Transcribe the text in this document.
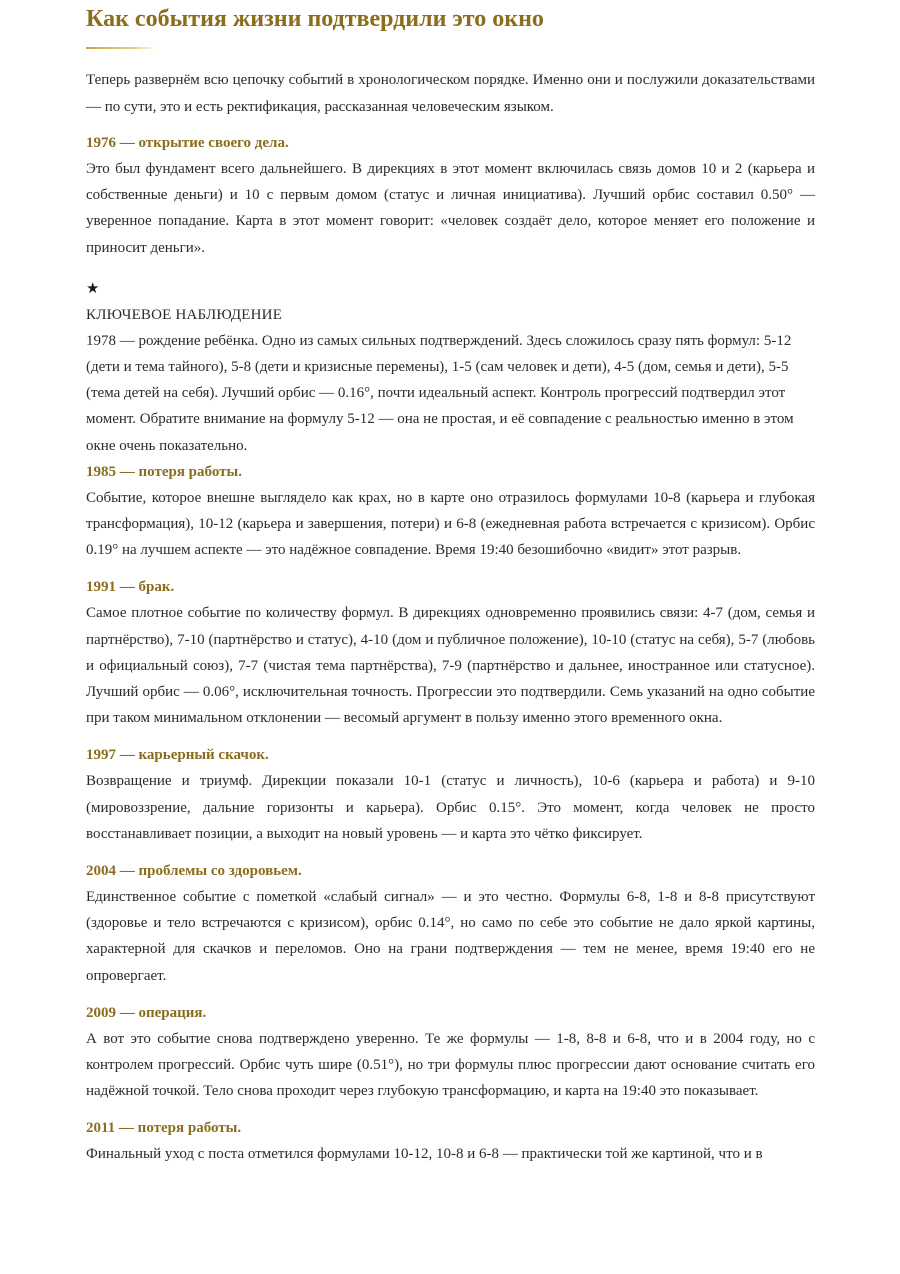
Как события жизни подтвердили это окно

Теперь развернём всю цепочку событий в хронологическом порядке. Именно они и послужили доказательствами — по сути, это и есть ректификация, рассказанная человеческим языком.

1976 — открытие своего дела.

Это был фундамент всего дальнейшего. В дирекциях в этот момент включилась связь домов 10 и 2 (карьера и собственные деньги) и 10 с первым домом (статус и личная инициатива). Лучший орбис составил 0.50° — уверенное попадание. Карта в этот момент говорит: «человек создаёт дело, которое меняет его положение и приносит деньги».

★
КЛЮЧЕВОЕ НАБЛЮДЕНИЕ

1978 — рождение ребёнка. Одно из самых сильных подтверждений. Здесь сложилось сразу пять формул: 5-12 (дети и тема тайного), 5-8 (дети и кризисные перемены), 1-5 (сам человек и дети), 4-5 (дом, семья и дети), 5-5 (тема детей на себя). Лучший орбис — 0.16°, почти идеальный аспект. Контроль прогрессий подтвердил этот момент. Обратите внимание на формулу 5-12 — она не простая, и её совпадение с реальностью именно в этом окне очень показательно.

1985 — потеря работы.

Событие, которое внешне выглядело как крах, но в карте оно отразилось формулами 10-8 (карьера и глубокая трансформация), 10-12 (карьера и завершения, потери) и 6-8 (ежедневная работа встречается с кризисом). Орбис 0.19° на лучшем аспекте — это надёжное совпадение. Время 19:40 безошибочно «видит» этот разрыв.

1991 — брак.

Самое плотное событие по количеству формул. В дирекциях одновременно проявились связи: 4-7 (дом, семья и партнёрство), 7-10 (партнёрство и статус), 4-10 (дом и публичное положение), 10-10 (статус на себя), 5-7 (любовь и официальный союз), 7-7 (чистая тема партнёрства), 7-9 (партнёрство и дальнее, иностранное или статусное). Лучший орбис — 0.06°, исключительная точность. Прогрессии это подтвердили. Семь указаний на одно событие при таком минимальном отклонении — весомый аргумент в пользу именно этого временного окна.

1997 — карьерный скачок.

Возвращение и триумф. Дирекции показали 10-1 (статус и личность), 10-6 (карьера и работа) и 9-10 (мировоззрение, дальние горизонты и карьера). Орбис 0.15°. Это момент, когда человек не просто восстанавливает позиции, а выходит на новый уровень — и карта это чётко фиксирует.

2004 — проблемы со здоровьем.

Единственное событие с пометкой «слабый сигнал» — и это честно. Формулы 6-8, 1-8 и 8-8 присутствуют (здоровье и тело встречаются с кризисом), орбис 0.14°, но само по себе это событие не дало яркой картины, характерной для скачков и переломов. Оно на грани подтверждения — тем не менее, время 19:40 его не опровергает.

2009 — операция.

А вот это событие снова подтверждено уверенно. Те же формулы — 1-8, 8-8 и 6-8, что и в 2004 году, но с контролем прогрессий. Орбис чуть шире (0.51°), но три формулы плюс прогрессии дают основание считать его надёжной точкой. Тело снова проходит через глубокую трансформацию, и карта на 19:40 это показывает.

2011 — потеря работы.

Финальный уход с поста отметился формулами 10-12, 10-8 и 6-8 — практически той же картиной, что и в
